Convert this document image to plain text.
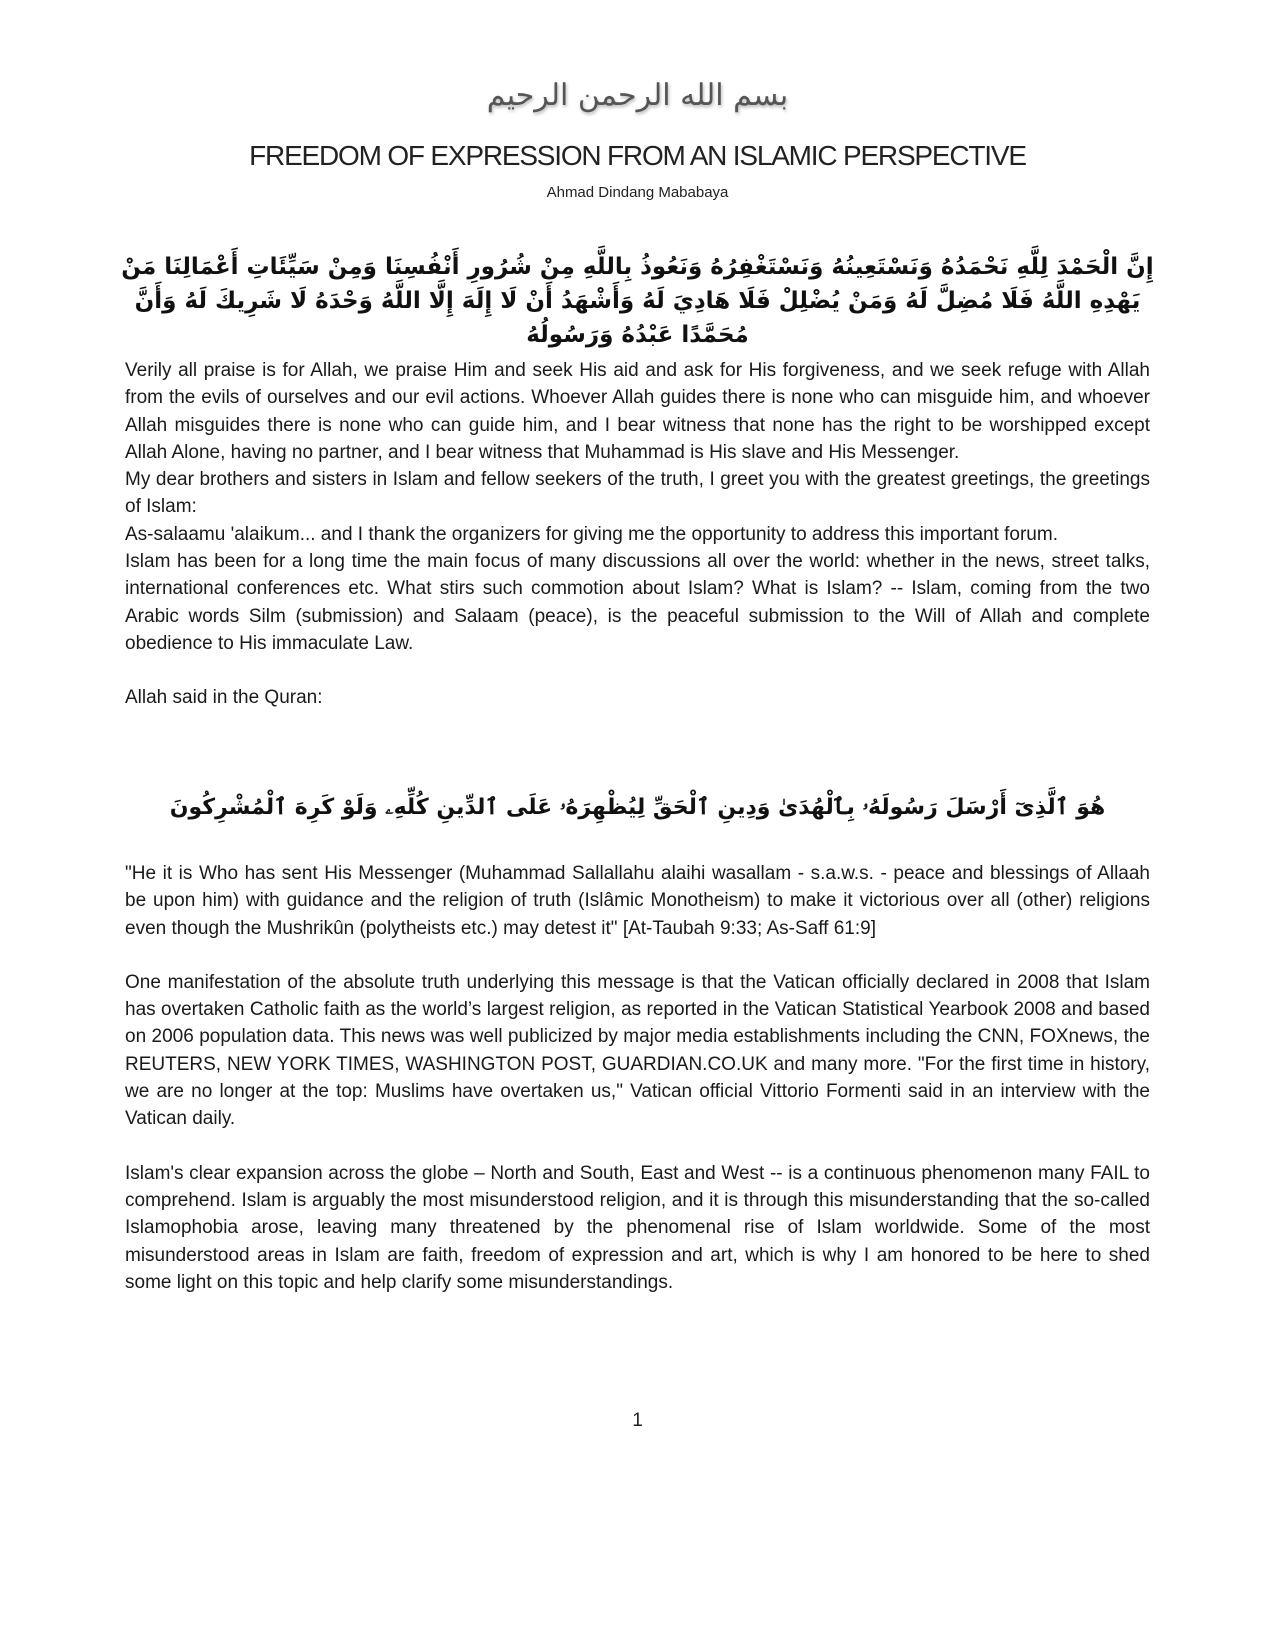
بسم الله الرحمن الرحيم
FREEDOM OF EXPRESSION FROM AN ISLAMIC PERSPECTIVE
Ahmad Dindang Mababaya
إِنَّ الْحَمْدَ لِلَّهِ نَحْمَدُهُ وَنَسْتَعِينُهُ وَنَسْتَغْفِرُهُ وَنَعُوذُ بِاللَّهِ مِنْ شُرُورِ أَنْفُسِنَا وَمِنْ سَيِّئَاتِ أَعْمَالِنَا مَنْ يَهْدِهِ اللَّهُ فَلَا مُضِلَّ لَهُ وَمَنْ يُضْلِلْ فَلَا هَادِيَ لَهُ وَأَشْهَدُ أَنْ لَا إِلَهَ إِلَّا اللَّهُ وَحْدَهُ لَا شَرِيكَ لَهُ وَأَنَّ مُحَمَّدًا عَبْدُهُ وَرَسُولُهُ

Verily all praise is for Allah, we praise Him and seek His aid and ask for His forgiveness, and we seek refuge with Allah from the evils of ourselves and our evil actions. Whoever Allah guides there is none who can misguide him, and whoever Allah misguides there is none who can guide him, and I bear witness that none has the right to be worshipped except Allah Alone, having no partner, and I bear witness that Muhammad is His slave and His Messenger.

My dear brothers and sisters in Islam and fellow seekers of the truth, I greet you with the greatest greetings, the greetings of Islam:

As-salaamu 'alaikum... and I thank the organizers for giving me the opportunity to address this important forum.

Islam has been for a long time the main focus of many discussions all over the world: whether in the news, street talks, international conferences etc. What stirs such commotion about Islam? What is Islam? -- Islam, coming from the two Arabic words Silm (submission) and Salaam (peace), is the peaceful submission to the Will of Allah and complete obedience to His immaculate Law.

Allah said in the Quran:

هُوَ ٱلَّذِىٓ أَرْسَلَ رَسُولَهُۥ بِٱلْهُدَىٰ وَدِينِ ٱلْحَقِّ لِيُظْهِرَهُۥ عَلَى ٱلدِّينِ كُلِّهِۦ وَلَوْ كَرِهَ ٱلْمُشْرِكُونَ

"He it is Who has sent His Messenger (Muhammad Sallallahu alaihi wasallam - s.a.w.s. - peace and blessings of Allaah be upon him) with guidance and the religion of truth (Islâmic Monotheism) to make it victorious over all (other) religions even though the Mushrikûn (polytheists etc.) may detest it" [At-Taubah 9:33; As-Saff 61:9]

One manifestation of the absolute truth underlying this message is that the Vatican officially declared in 2008 that Islam has overtaken Catholic faith as the world’s largest religion, as reported in the Vatican Statistical Yearbook 2008 and based on 2006 population data. This news was well publicized by major media establishments including the CNN, FOXnews, the REUTERS, NEW YORK TIMES, WASHINGTON POST, GUARDIAN.CO.UK and many more. "For the first time in history, we are no longer at the top: Muslims have overtaken us," Vatican official Vittorio Formenti said in an interview with the Vatican daily.

Islam's clear expansion across the globe – North and South, East and West -- is a continuous phenomenon many FAIL to comprehend. Islam is arguably the most misunderstood religion, and it is through this misunderstanding that the so-called Islamophobia arose, leaving many threatened by the phenomenal rise of Islam worldwide. Some of the most misunderstood areas in Islam are faith, freedom of expression and art, which is why I am honored to be here to shed some light on this topic and help clarify some misunderstandings.

1
